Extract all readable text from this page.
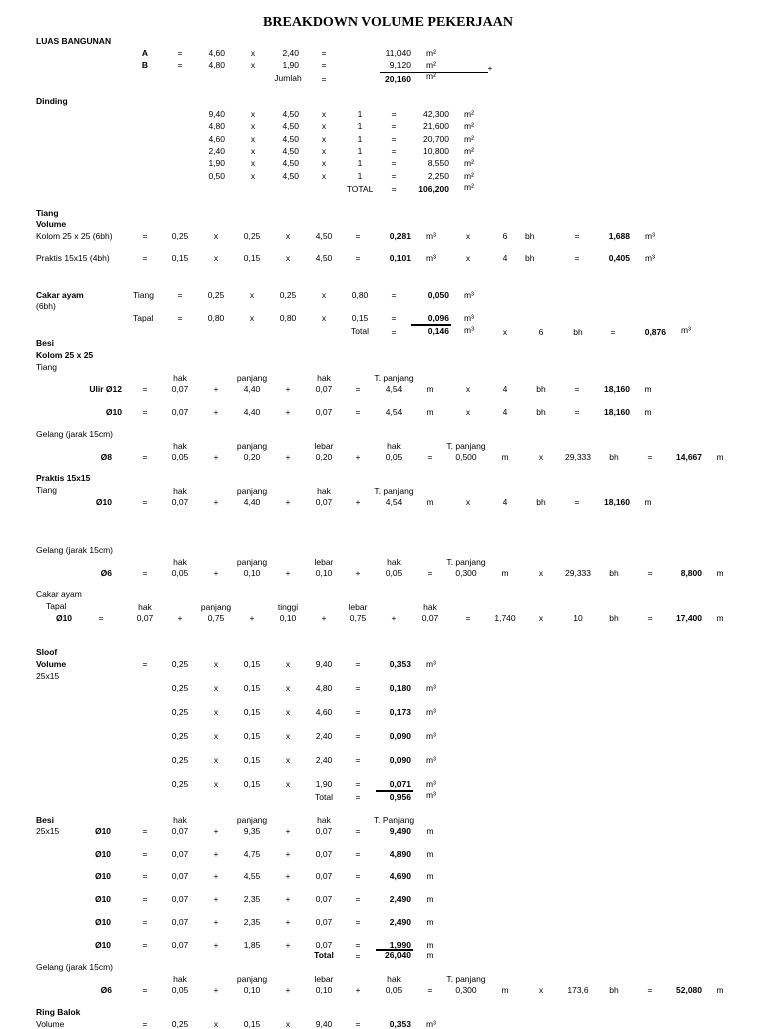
BREAKDOWN VOLUME PEKERJAAN
LUAS BANGUNAN
A	=	4,60	x	2,40	=	11,040 m²
B	=	4,80	x	1,90	=	9,120 m²	+
Jumlah =	20,160 m²
Dinding
9,40	x	4,50	x	1	=	42,300 m²
4,80	x	4,50	x	1	=	21,600 m²
4,60	x	4,50	x	1	=	20,700 m²
2,40	x	4,50	x	1	=	10,800 m²
1,90	x	4,50	x	1	=	8,550 m²
0,50	x	4,50	x	1	=	2,250 m²
TOTAL =	106,200 m²
Tiang
Volume
Kolom 25 x 25 (6bh)	=	0,25	x	0,25	x	4,50	=	0,281 m³	x	6 bh	=	1,688 m³
Praktis 15x15 (4bh)	=	0,15	x	0,15	x	4,50	=	0,101 m³	x	4 bh	=	0,405 m³
Cakar ayam
(6bh)
Tiang	=	0,25	x	0,25	x	0,80	=	0,050 m³
Tapal	=	0,80	x	0,80	x	0,15	=	0,096 m³
Total	=	0,146 m³	x	6	bh	=	0,876 m³
Besi
Kolom 25 x 25
Tiang
hak	panjang	hak	T. panjang
Ulir Ø12 =	0,07	+	4,40	+	0,07	=	4,54	m	x	4	bh	=	18,160 m
Ø10 =	0,07	+	4,40	+	0,07	=	4,54	m	x	4	bh	=	18,160 m
Gelang (jarak 15cm)
hak	panjang	lebar	hak	T. panjang
Ø8	=	0,05	+	0,20	+	0,20	+	0,05	=	0,500	m	x	29,333 bh	=	14,667 m
Praktis 15x15
Tiang	hak	panjang	hak	T. panjang
Ø10	=	0,07	+	4,40	+	0,07	+	4,54	m	x	4	bh	=	18,160 m
Gelang (jarak 15cm)
hak	panjang	lebar	hak	T. panjang
Ø6	=	0,05	+	0,10	+	0,10	+	0,05	=	0,300	m	x	29,333 bh	=	8,800 m
Cakar ayam
Tapal	hak	panjang	tinggi	lebar	hak
Ø10	=	0,07	+	0,75	+	0,10	+	0,75	+	0,07	=	1,740	x	10	bh	=	17,400 m
Sloof
Volume
25x15
=	0,25	x	0,15	x	9,40	=	0,353 m³
0,25	x	0,15	x	4,80	=	0,180 m³
0,25	x	0,15	x	4,60	=	0,173 m³
0,25	x	0,15	x	2,40	=	0,090 m³
0,25	x	0,15	x	2,40	=	0,090 m³
0,25	x	0,15	x	1,90	=	0,071 m³
Total	=	0,956 m³
Besi
25x15
hak	panjang	hak	T. Panjang
Ø10	=	0,07	+	9,35	+	0,07	=	9,490 m
Ø10	=	0,07	+	4,75	+	0,07	=	4,890 m
Ø10	=	0,07	+	4,55	+	0,07	=	4,690 m
Ø10	=	0,07	+	2,35	+	0,07	=	2,490 m
Ø10	=	0,07	+	2,35	+	0,07	=	2,490 m
Ø10	=	0,07	+	1,85	+	0,07	=	1,990 m
Total	=	26,040 m
Gelang (jarak 15cm)
hak	panjang	lebar	hak	T. panjang
Ø6	=	0,05	+	0,10	+	0,10	+	0,05	=	0,300	m	x	173,6 bh	=	52,080 m
Ring Balok
Volume	=	0,25	x	0,15	x	9,40	=	0,353 m³
